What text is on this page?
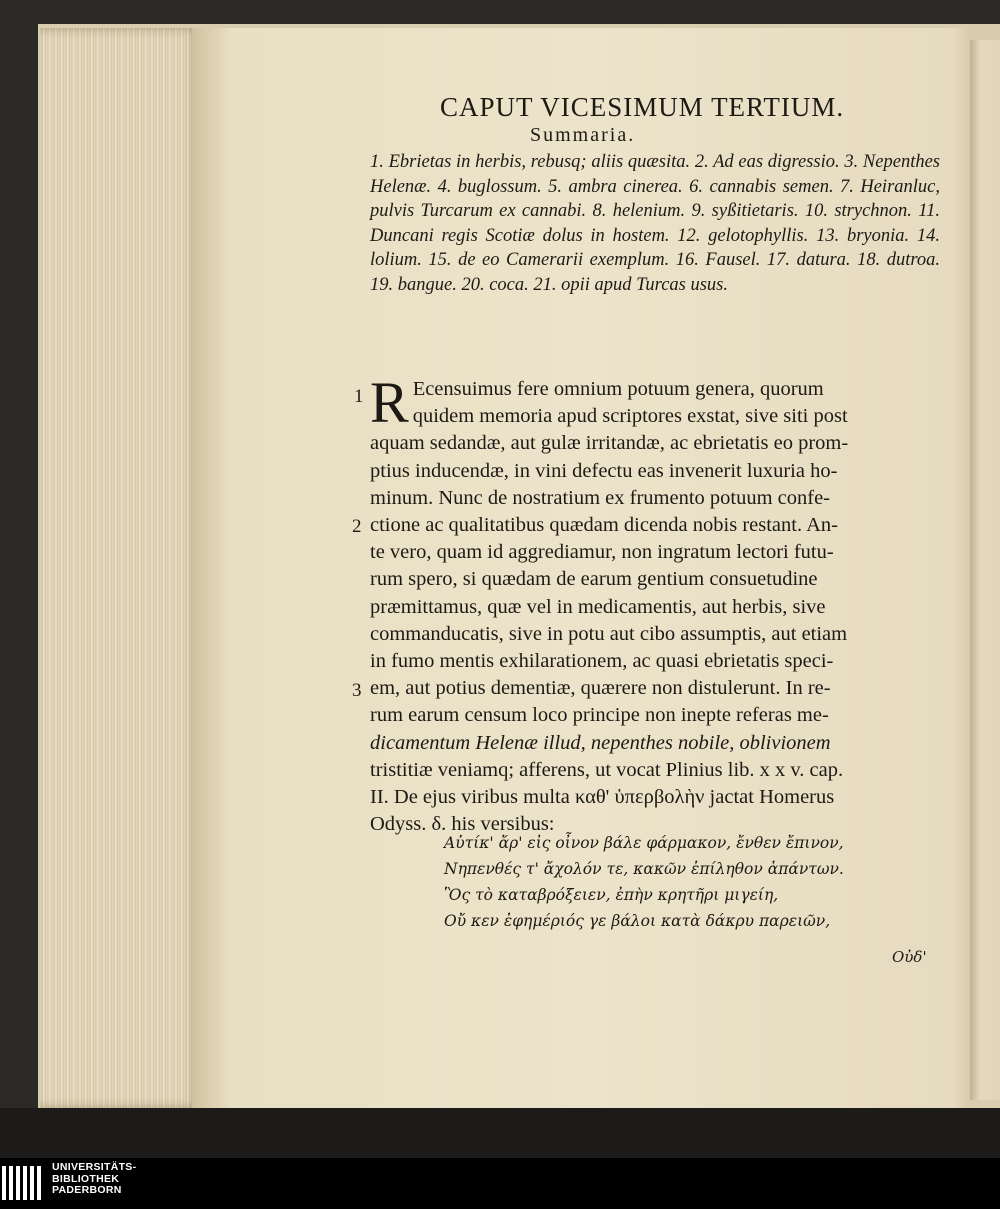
CAPUT VICESIMUM TERTIUM.
Summaria.
1. Ebrietas in herbis, rebusq; aliis quæsita. 2. Ad eas digressio. 3. Nepenthes Helenæ. 4. buglossum. 5. ambra cinerea. 6. cannabis semen. 7. Heiranluc, pulvis Turcarum ex cannabi. 8. helenium. 9. syßitietaris. 10. strychnon. 11. Duncani regis Scotiæ dolus in hostem. 12. gelotophyllis. 13. bryonia. 14. lolium. 15. de eo Camerarii exemplum. 16. Fausel. 17. datura. 18. dutroa. 19. bangue. 20. coca. 21. opii apud Turcas usus.
1
2
3
R Ecensuimus fere omnium potuum genera, quorum
quidem memoria apud scriptores exstat, sive siti post
aquam sedandæ, aut gulæ irritandæ, ac ebrietatis eo prom-
ptius inducendæ, in vini defectu eas invenerit luxuria ho-
minum. Nunc de nostratium ex frumento potuum confe-
ctione ac qualitatibus quædam dicenda nobis restant. An-
te vero, quam id aggrediamur, non ingratum lectori futu-
rum spero, si quædam de earum gentium consuetudine
præmittamus, quæ vel in medicamentis, aut herbis, sive
commanducatis, sive in potu aut cibo assumptis, aut etiam
in fumo mentis exhilarationem, ac quasi ebrietatis speci-
em, aut potius dementiæ, quærere non distulerunt. In re-
rum earum censum loco principe non inepte referas me-
dicamentum Helenæ illud, nepenthes nobile, oblivionem
tristitiæ veniamq; afferens, ut vocat Plinius lib. x x v. cap.
II. De ejus viribus multa καθ' ὑπερβολὴν jactat Homerus
Odyss. δ. his versibus:
Αὐτίκ' ἄρ' εἰς οἶνον βάλε φάρμακον, ἔνθεν ἔπινον,
Νηπενθές τ' ἄχολόν τε, κακῶν ἐπίληθον ἁπάντων.
Ὃς τὸ καταβρόξειεν, ἐπὴν κρητῆρι μιγείη,
Οὔ κεν ἐφημέριός γε βάλοι κατὰ δάκρυ παρειῶν,
Οὐδ'
UNIVERSITÄTS-
BIBLIOTHEK
PADERBORN
